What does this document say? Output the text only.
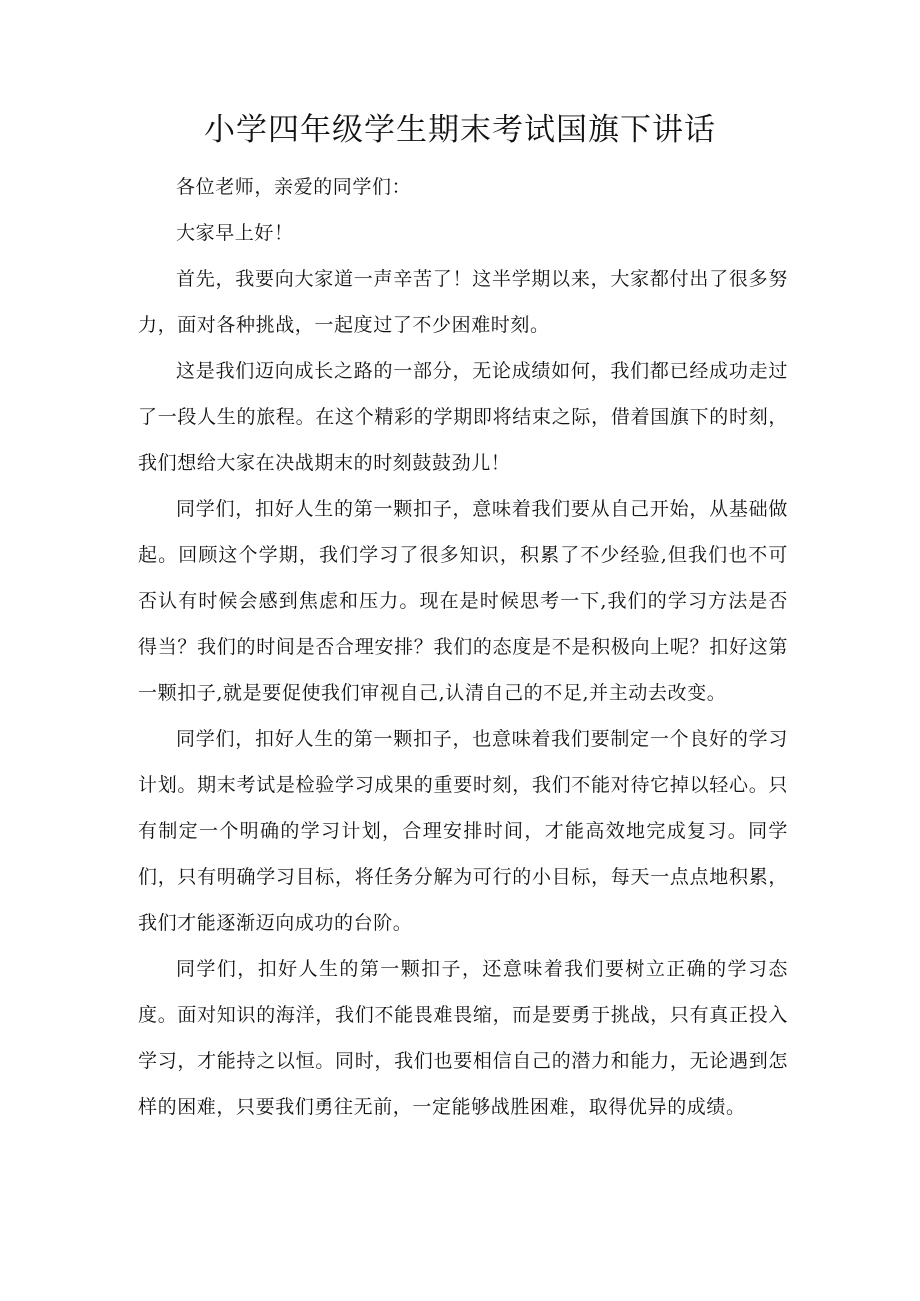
小学四年级学生期末考试国旗下讲话

各位老师，亲爱的同学们：

大家早上好！

首先，我要向大家道一声辛苦了！这半学期以来，大家都付出了很多努力，面对各种挑战，一起度过了不少困难时刻。

这是我们迈向成长之路的一部分，无论成绩如何，我们都已经成功走过了一段人生的旅程。在这个精彩的学期即将结束之际，借着国旗下的时刻，我们想给大家在决战期末的时刻鼓鼓劲儿！

同学们，扣好人生的第一颗扣子，意味着我们要从自己开始，从基础做起。回顾这个学期，我们学习了很多知识，积累了不少经验,但我们也不可否认有时候会感到焦虑和压力。现在是时候思考一下,我们的学习方法是否得当？我们的时间是否合理安排？我们的态度是不是积极向上呢？扣好这第一颗扣子,就是要促使我们审视自己,认清自己的不足,并主动去改变。

同学们，扣好人生的第一颗扣子，也意味着我们要制定一个良好的学习计划。期末考试是检验学习成果的重要时刻，我们不能对待它掉以轻心。只有制定一个明确的学习计划，合理安排时间，才能高效地完成复习。同学们，只有明确学习目标，将任务分解为可行的小目标，每天一点点地积累，我们才能逐渐迈向成功的台阶。

同学们，扣好人生的第一颗扣子，还意味着我们要树立正确的学习态度。面对知识的海洋，我们不能畏难畏缩，而是要勇于挑战，只有真正投入学习，才能持之以恒。同时，我们也要相信自己的潜力和能力，无论遇到怎样的困难，只要我们勇往无前，一定能够战胜困难，取得优异的成绩。
